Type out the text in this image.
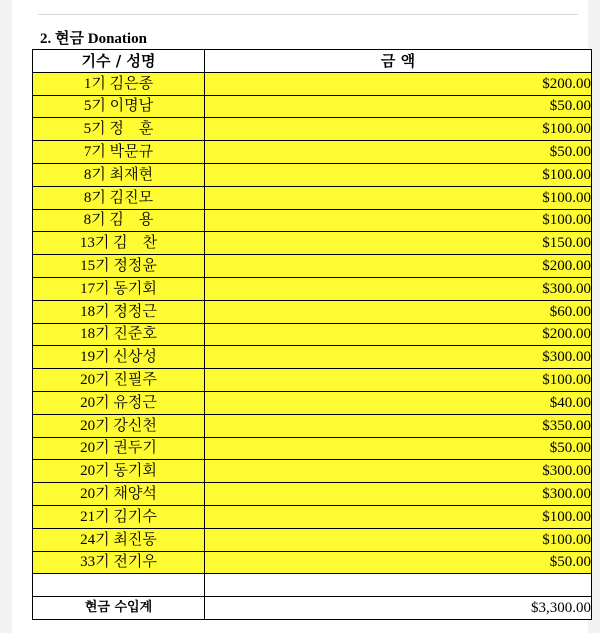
2. 현금 Donation
기수 / 성명	금 액
1기 김은종	$200.00
5기 이명남	$50.00
5기 정    훈	$100.00
7기 박문규	$50.00
8기 최재현	$100.00
8기 김진모	$100.00
8기 김    용	$100.00
13기 김    찬	$150.00
15기 정정윤	$200.00
17기 동기회	$300.00
18기 정정근	$60.00
18기 진준호	$200.00
19기 신상성	$300.00
20기 진필주	$100.00
20기 유정근	$40.00
20기 강신천	$350.00
20기 권두기	$50.00
20기 동기회	$300.00
20기 채양석	$300.00
21기 김기수	$100.00
24기 최진동	$100.00
33기 전기우	$50.00

현금 수입계	$3,300.00
